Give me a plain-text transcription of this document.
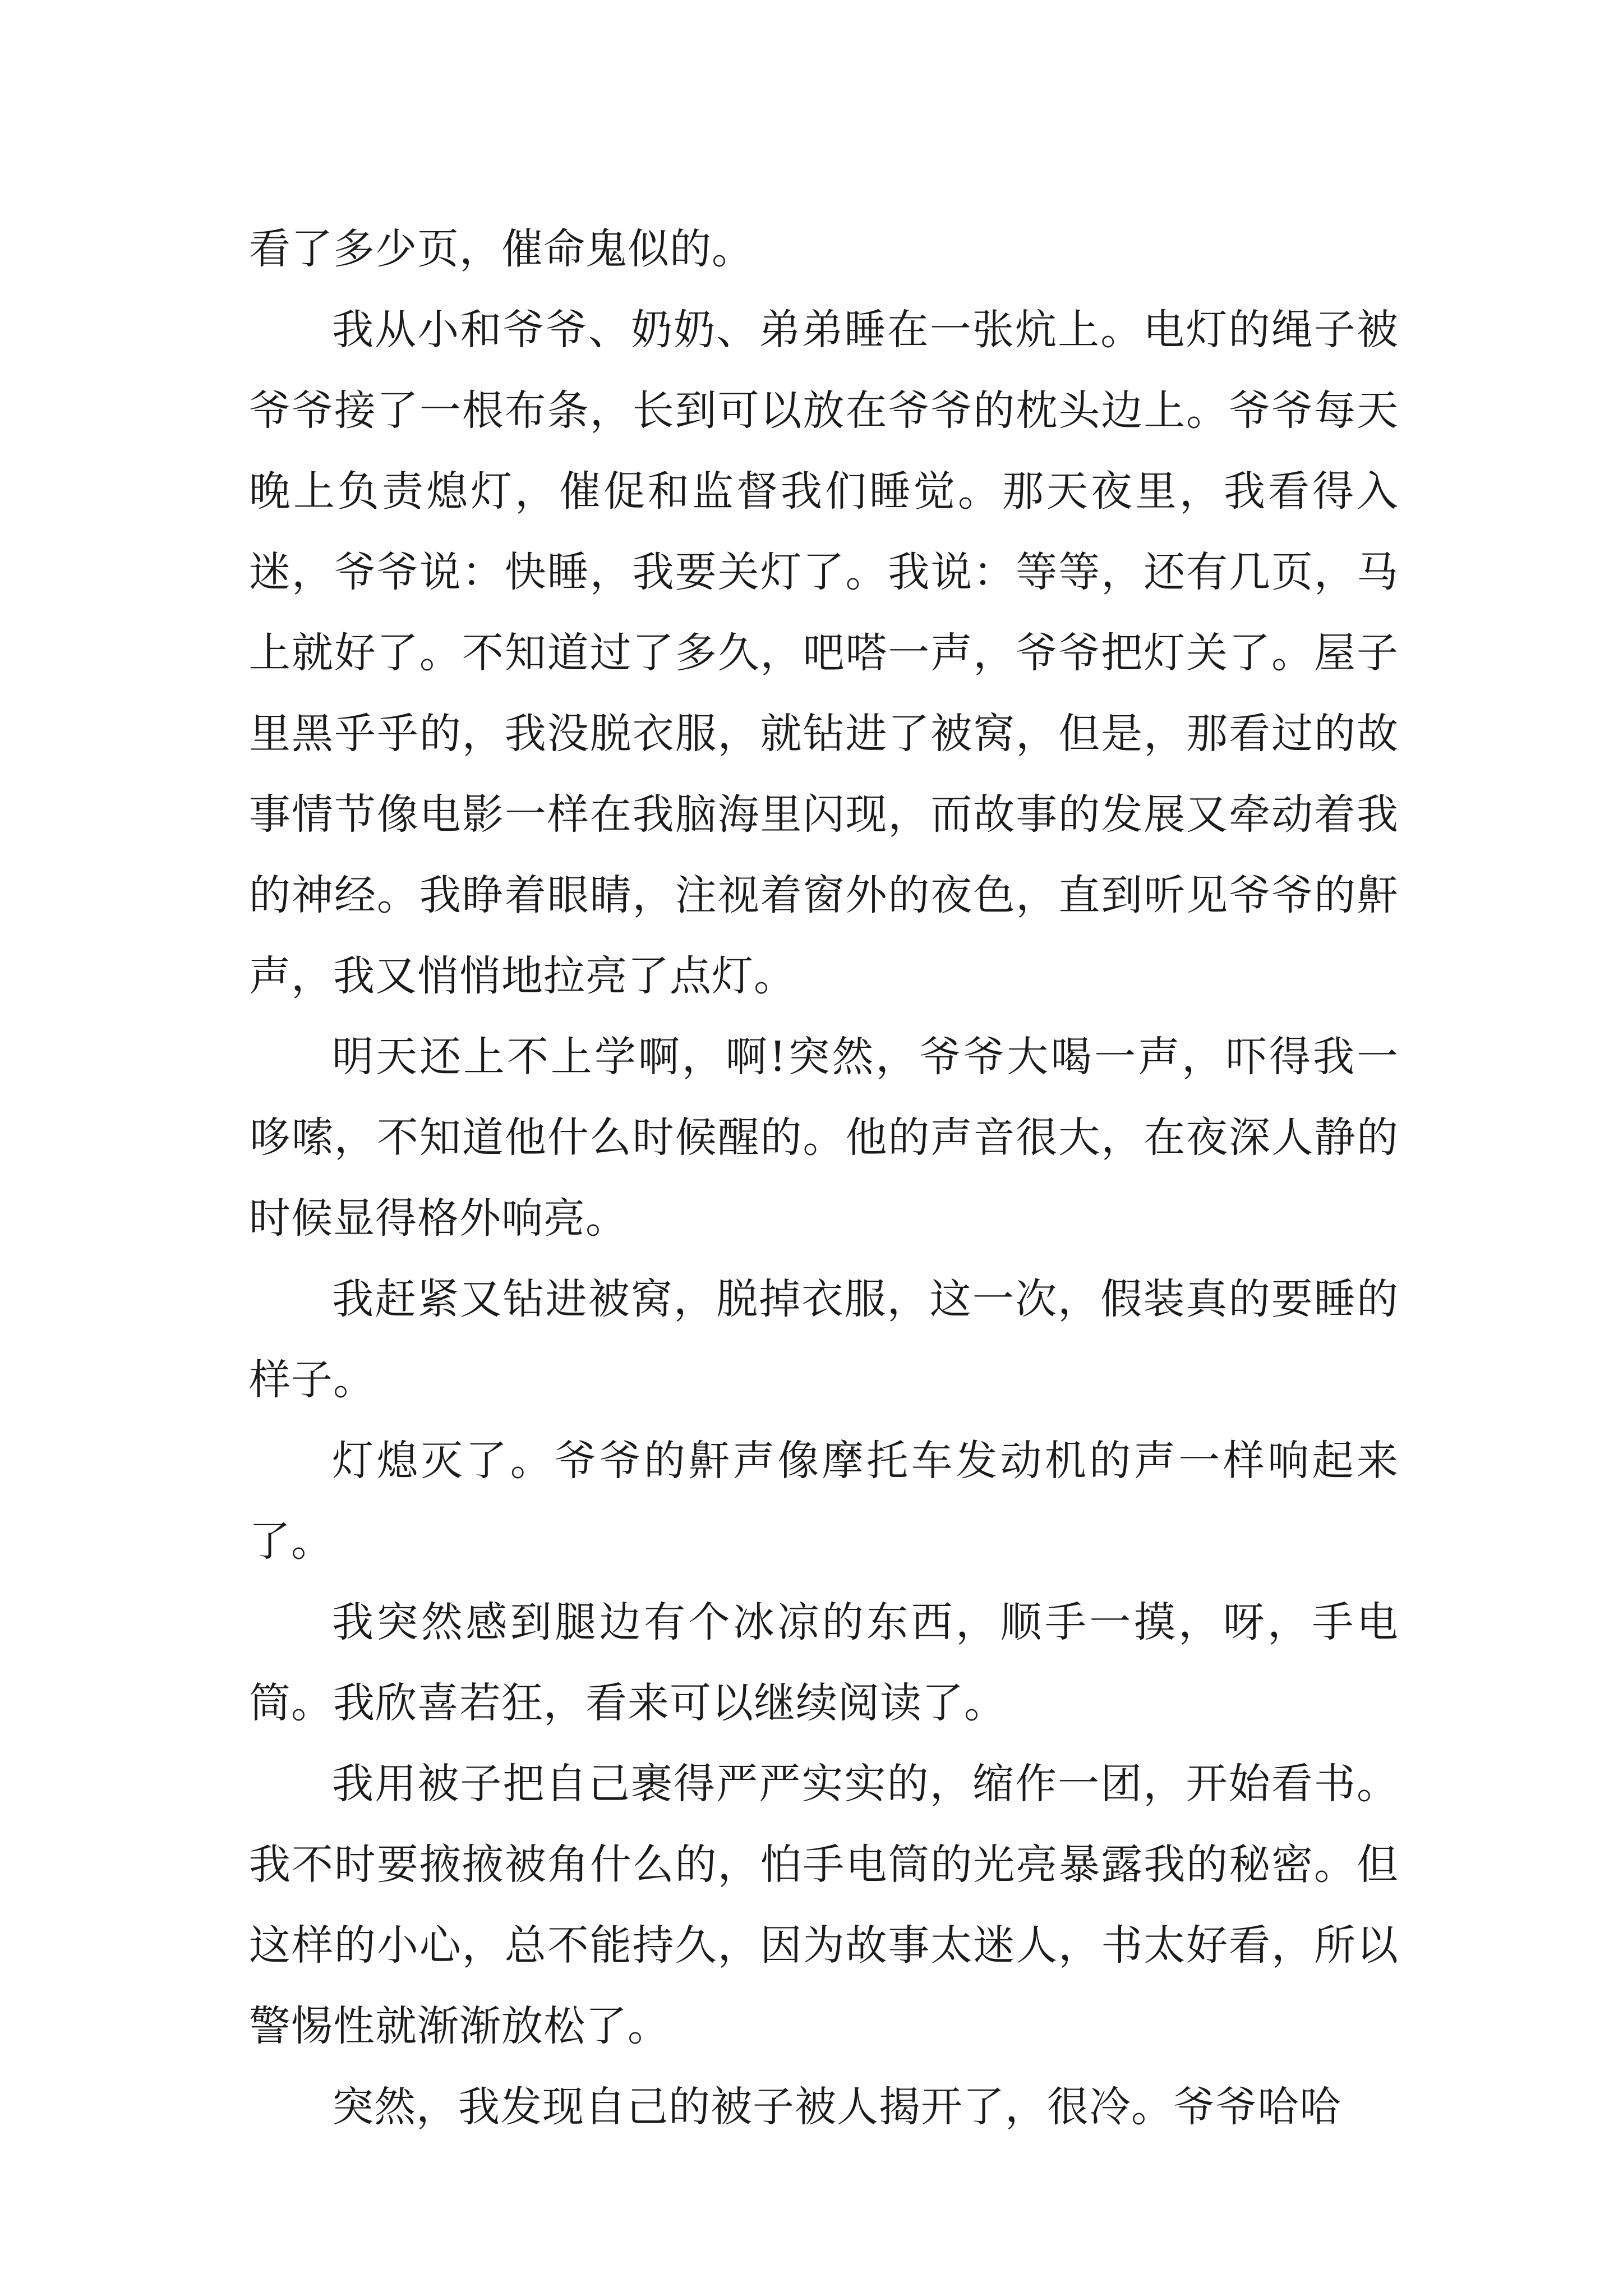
看了多少页，催命鬼似的。

我从小和爷爷、奶奶、弟弟睡在一张炕上。电灯的绳子被爷爷接了一根布条，长到可以放在爷爷的枕头边上。爷爷每天晚上负责熄灯，催促和监督我们睡觉。那天夜里，我看得入迷，爷爷说：快睡，我要关灯了。我说：等等，还有几页，马上就好了。不知道过了多久，吧嗒一声，爷爷把灯关了。屋子里黑乎乎的，我没脱衣服，就钻进了被窝，但是，那看过的故事情节像电影一样在我脑海里闪现，而故事的发展又牵动着我的神经。我睁着眼睛，注视着窗外的夜色，直到听见爷爷的鼾声，我又悄悄地拉亮了点灯。

明天还上不上学啊，啊!突然，爷爷大喝一声，吓得我一哆嗦，不知道他什么时候醒的。他的声音很大，在夜深人静的时候显得格外响亮。

我赶紧又钻进被窝，脱掉衣服，这一次，假装真的要睡的样子。

灯熄灭了。爷爷的鼾声像摩托车发动机的声一样响起来了。

我突然感到腿边有个冰凉的东西，顺手一摸，呀，手电筒。我欣喜若狂，看来可以继续阅读了。

我用被子把自己裹得严严实实的，缩作一团，开始看书。我不时要掖掖被角什么的，怕手电筒的光亮暴露我的秘密。但这样的小心，总不能持久，因为故事太迷人，书太好看，所以警惕性就渐渐放松了。

突然，我发现自己的被子被人揭开了，很冷。爷爷哈哈
